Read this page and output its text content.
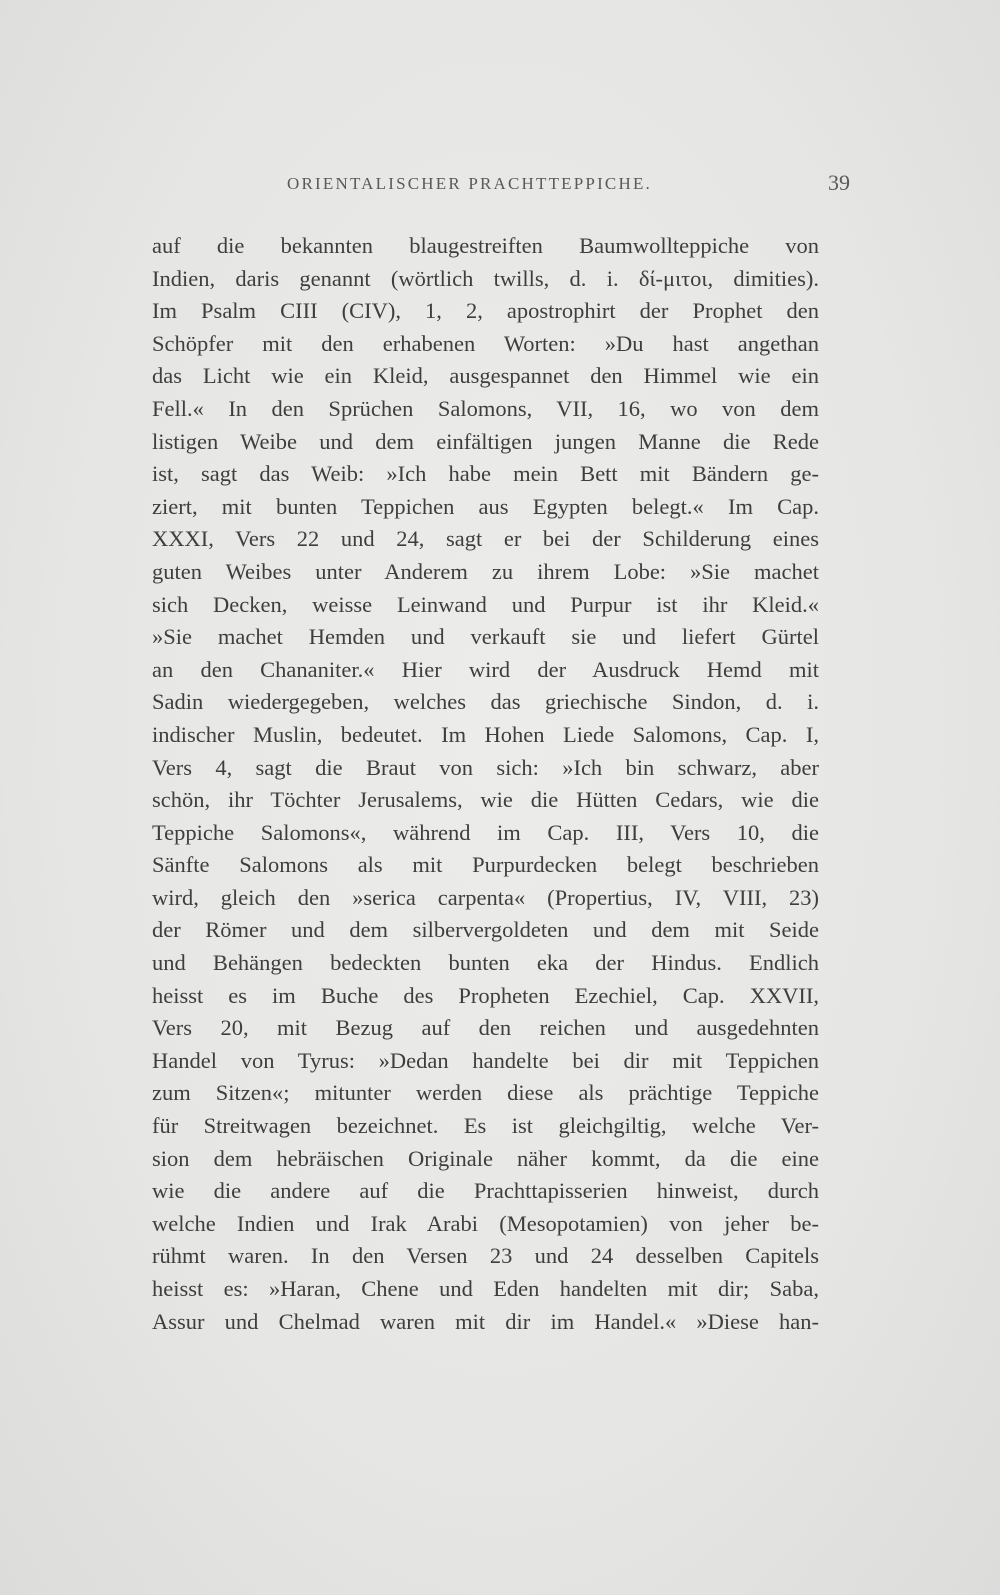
ORIENTALISCHER PRACHTTEPPICHE.	39
auf die bekannten blaugestreiften Baumwollteppiche von
Indien, daris genannt (wörtlich twills, d. i. δί-μιτοι, dimities).
Im Psalm CIII (CIV), 1, 2, apostrophirt der Prophet den
Schöpfer mit den erhabenen Worten: »Du hast angethan
das Licht wie ein Kleid, ausgespannet den Himmel wie ein
Fell.« In den Sprüchen Salomons, VII, 16, wo von dem
listigen Weibe und dem einfältigen jungen Manne die Rede
ist, sagt das Weib: »Ich habe mein Bett mit Bändern ge-
ziert, mit bunten Teppichen aus Egypten belegt.« Im Cap.
XXXI, Vers 22 und 24, sagt er bei der Schilderung eines
guten Weibes unter Anderem zu ihrem Lobe: »Sie machet
sich Decken, weisse Leinwand und Purpur ist ihr Kleid.«
»Sie machet Hemden und verkauft sie und liefert Gürtel
an den Chananiter.« Hier wird der Ausdruck Hemd mit
Sadin wiedergegeben, welches das griechische Sindon, d. i.
indischer Muslin, bedeutet. Im Hohen Liede Salomons, Cap. I,
Vers 4, sagt die Braut von sich: »Ich bin schwarz, aber
schön, ihr Töchter Jerusalems, wie die Hütten Cedars, wie die
Teppiche Salomons«, während im Cap. III, Vers 10, die
Sänfte Salomons als mit Purpurdecken belegt beschrieben
wird, gleich den »serica carpenta« (Propertius, IV, VIII, 23)
der Römer und dem silbervergoldeten und dem mit Seide
und Behängen bedeckten bunten eka der Hindus. Endlich
heisst es im Buche des Propheten Ezechiel, Cap. XXVII,
Vers 20, mit Bezug auf den reichen und ausgedehnten
Handel von Tyrus: »Dedan handelte bei dir mit Teppichen
zum Sitzen«; mitunter werden diese als prächtige Teppiche
für Streitwagen bezeichnet. Es ist gleichgiltig, welche Ver-
sion dem hebräischen Originale näher kommt, da die eine
wie die andere auf die Prachttapisserien hinweist, durch
welche Indien und Irak Arabi (Mesopotamien) von jeher be-
rühmt waren. In den Versen 23 und 24 desselben Capitels
heisst es: »Haran, Chene und Eden handelten mit dir; Saba,
Assur und Chelmad waren mit dir im Handel.« »Diese han-
